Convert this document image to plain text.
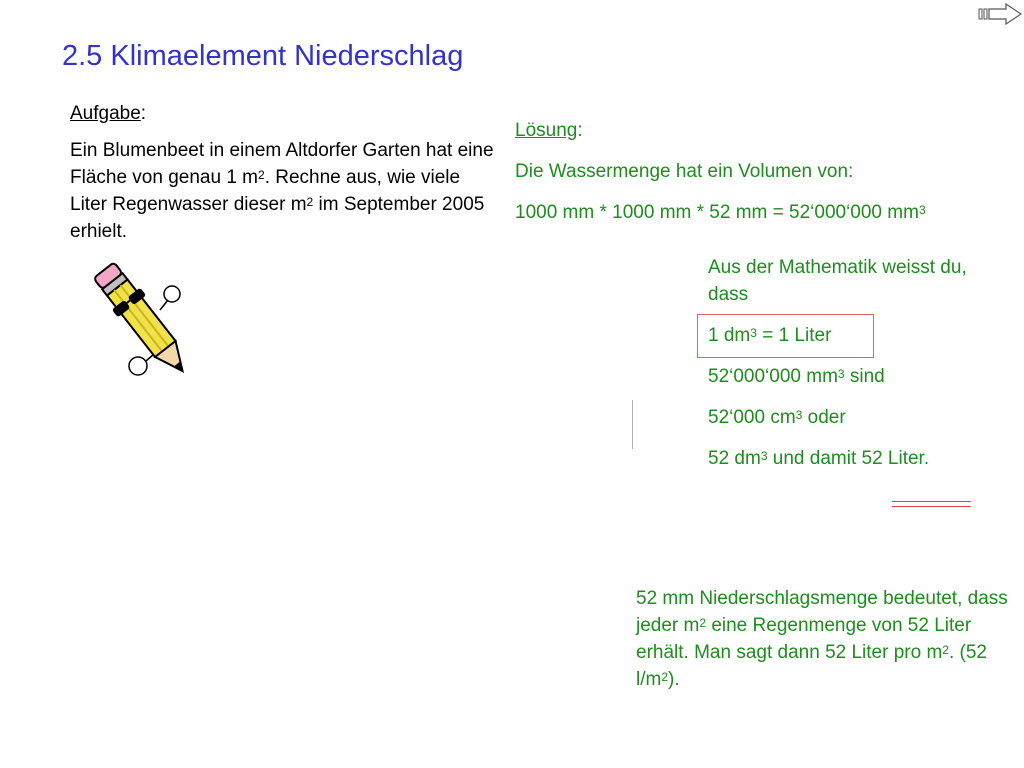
2.5 Klimaelement Niederschlag

Aufgabe:

Ein Blumenbeet in einem Altdorfer Garten hat eine Fläche von genau 1 $m^2$. Rechne aus, wie viele Liter Regenwasser dieser $m^2$ im September 2005 erhielt.

Lösung:

Die Wassermenge hat ein Volumen von:

1000 mm * 1000 mm * 52 mm = 52‘000‘000 $mm^3$

Aus der Mathematik weisst du, dass

1 $dm^3 = 1$ Liter

52‘000‘000 $mm^3$ sind

52‘000 $cm^3$ oder

52 $dm^3$ und damit 52 Liter.

52 mm Niederschlagsmenge bedeutet, dass jeder $m^2$ eine Regenmenge von 52 Liter erhält. Man sagt dann 52 Liter pro $m^2$. (52 $l/m^2$).
